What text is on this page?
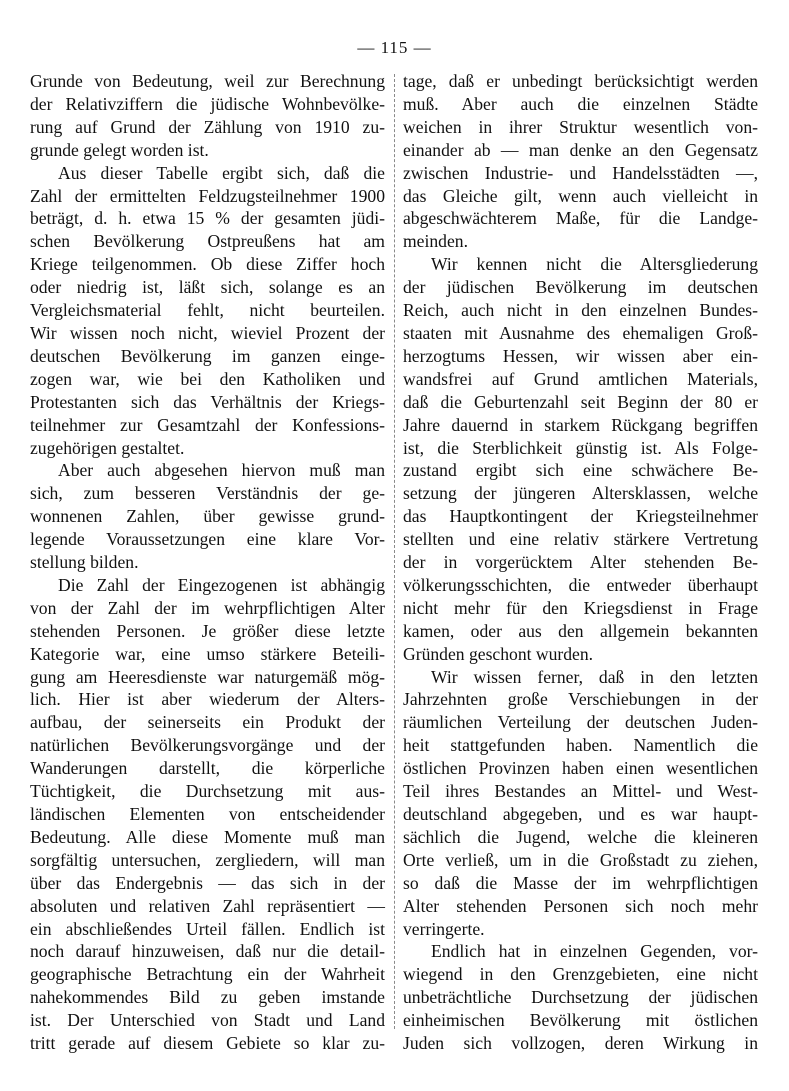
— 115 —

Grunde von Bedeutung, weil zur Berechnung
der Relativziffern die jüdische Wohnbevölke-
rung auf Grund der Zählung von 1910 zu-
grunde gelegt worden ist.

Aus dieser Tabelle ergibt sich, daß die
Zahl der ermittelten Feldzugsteilnehmer 1900
beträgt, d. h. etwa 15 % der gesamten jüdi-
schen Bevölkerung Ostpreußens hat am
Kriege teilgenommen. Ob diese Ziffer hoch
oder niedrig ist, läßt sich, solange es an
Vergleichsmaterial fehlt, nicht beurteilen.
Wir wissen noch nicht, wieviel Prozent der
deutschen Bevölkerung im ganzen einge-
zogen war, wie bei den Katholiken und
Protestanten sich das Verhältnis der Kriegs-
teilnehmer zur Gesamtzahl der Konfessions-
zugehörigen gestaltet.

Aber auch abgesehen hiervon muß man
sich, zum besseren Verständnis der ge-
wonnenen Zahlen, über gewisse grund-
legende Voraussetzungen eine klare Vor-
stellung bilden.

Die Zahl der Eingezogenen ist abhängig
von der Zahl der im wehrpflichtigen Alter
stehenden Personen. Je größer diese letzte
Kategorie war, eine umso stärkere Beteili-
gung am Heeresdienste war naturgemäß mög-
lich. Hier ist aber wiederum der Alters-
aufbau, der seinerseits ein Produkt der
natürlichen Bevölkerungsvorgänge und der
Wanderungen darstellt, die körperliche
Tüchtigkeit, die Durchsetzung mit aus-
ländischen Elementen von entscheidender
Bedeutung. Alle diese Momente muß man
sorgfältig untersuchen, zergliedern, will man
über das Endergebnis — das sich in der
absoluten und relativen Zahl repräsentiert —
ein abschließendes Urteil fällen. Endlich ist
noch darauf hinzuweisen, daß nur die detail-
geographische Betrachtung ein der Wahrheit
nahekommendes Bild zu geben imstande
ist. Der Unterschied von Stadt und Land
tritt gerade auf diesem Gebiete so klar zu-

tage, daß er unbedingt berücksichtigt werden
muß. Aber auch die einzelnen Städte
weichen in ihrer Struktur wesentlich von-
einander ab — man denke an den Gegensatz
zwischen Industrie- und Handelsstädten —,
das Gleiche gilt, wenn auch vielleicht in
abgeschwächterem Maße, für die Landge-
meinden.

Wir kennen nicht die Altersgliederung
der jüdischen Bevölkerung im deutschen
Reich, auch nicht in den einzelnen Bundes-
staaten mit Ausnahme des ehemaligen Groß-
herzogtums Hessen, wir wissen aber ein-
wandsfrei auf Grund amtlichen Materials,
daß die Geburtenzahl seit Beginn der 80 er
Jahre dauernd in starkem Rückgang begriffen
ist, die Sterblichkeit günstig ist. Als Folge-
zustand ergibt sich eine schwächere Be-
setzung der jüngeren Altersklassen, welche
das Hauptkontingent der Kriegsteilnehmer
stellten und eine relativ stärkere Vertretung
der in vorgerücktem Alter stehenden Be-
völkerungsschichten, die entweder überhaupt
nicht mehr für den Kriegsdienst in Frage
kamen, oder aus den allgemein bekannten
Gründen geschont wurden.

Wir wissen ferner, daß in den letzten
Jahrzehnten große Verschiebungen in der
räumlichen Verteilung der deutschen Juden-
heit stattgefunden haben. Namentlich die
östlichen Provinzen haben einen wesentlichen
Teil ihres Bestandes an Mittel- und West-
deutschland abgegeben, und es war haupt-
sächlich die Jugend, welche die kleineren
Orte verließ, um in die Großstadt zu ziehen,
so daß die Masse der im wehrpflichtigen
Alter stehenden Personen sich noch mehr
verringerte.

Endlich hat in einzelnen Gegenden, vor-
wiegend in den Grenzgebieten, eine nicht
unbeträchtliche Durchsetzung der jüdischen
einheimischen Bevölkerung mit östlichen
Juden sich vollzogen, deren Wirkung in
